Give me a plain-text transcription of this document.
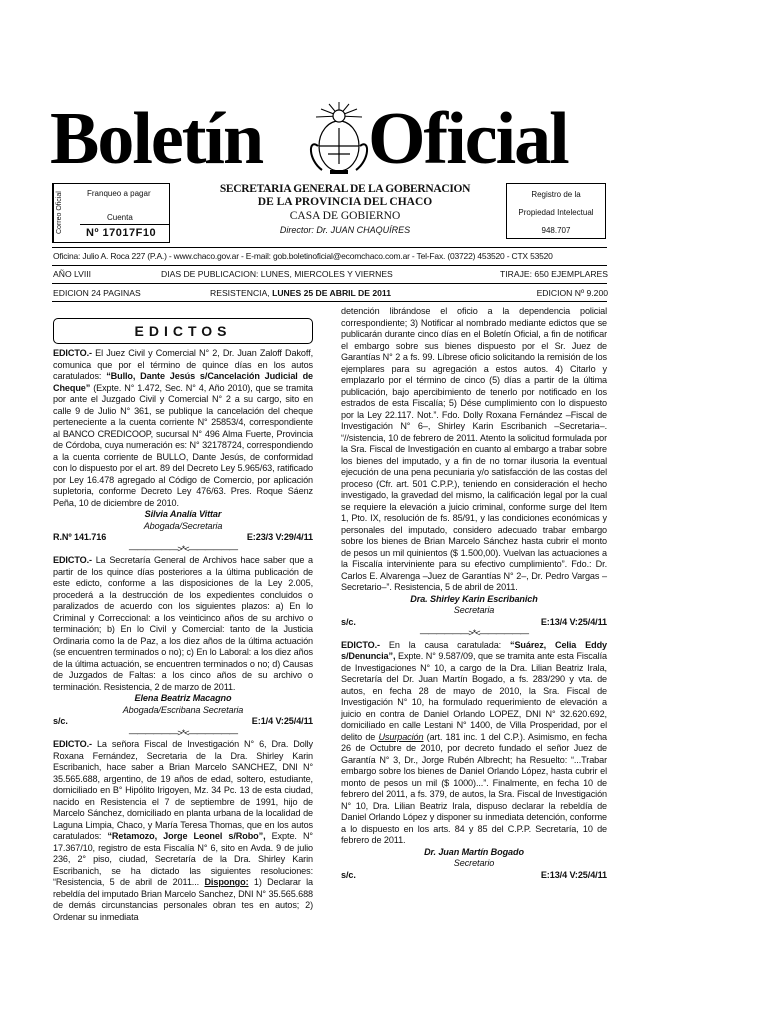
Boletín Oficial
Correo Oficial	Franqueo a pagar
Cuenta
Nº 17017F10
SECRETARIA GENERAL DE LA GOBERNACION
DE LA PROVINCIA DEL CHACO
CASA DE GOBIERNO
Director: Dr. JUAN CHAQUÍRES
Registro de la
Propiedad Intelectual
948.707
Oficina: Julio A. Roca 227 (P.A.) - www.chaco.gov.ar - E-mail: gob.boletinoficial@ecomchaco.com.ar - Tel-Fax. (03722) 453520 - CTX 53520
AÑO LVIII	DIAS DE PUBLICACION: LUNES, MIERCOLES Y VIERNES	TIRAJE: 650 EJEMPLARES
EDICION 24 PAGINAS	RESISTENCIA, LUNES 25 DE ABRIL DE 2011	EDICION Nº 9.200
EDICTOS

EDICTO.- El Juez Civil y Comercial N° 2, Dr. Juan Zaloff Dakoff, comunica que por el término de quince días en los autos caratulados: “Bullo, Dante Jesús s/Cancelación Judicial de Cheque” (Expte. N° 1.472, Sec. N° 4, Año 2010), que se tramita por ante el Juzgado Civil y Comercial N° 2 a su cargo, sito en calle 9 de Julio N° 361, se publique la cancelación del cheque perteneciente a la cuenta corriente N° 25853/4, correspondiente al BANCO CREDICOOP, sucursal N° 496 Alma Fuerte, Provincia de Córdoba, cuya numeración es: N° 32178724, correspondiendo a la cuenta corriente de BULLO, Dante Jesús, de conformidad con lo dispuesto por el art. 89 del Decreto Ley 5.965/63, ratificado por Ley 16.478 agregado al Código de Comercio, por aplicación supletoria, conforme Decreto Ley 476/63. Pres. Roque Sáenz Peña, 10 de diciembre de 2010.

Silvia Analía Vittar
Abogada/Secretaria
R.Nº 141.716	E:23/3 V:29/4/11
——————>*<——————

EDICTO.- La Secretaría General de Archivos hace saber que a partir de los quince días posteriores a la última publicación de este edicto, conforme a las disposiciones de la Ley 2.005, procederá a la destrucción de los expedientes concluidos o paralizados de acuerdo con los siguientes plazos: a) En lo Criminal y Correccional: a los veinticinco años de su archivo o terminación; b) En lo Civil y Comercial: tanto de la Justicia Ordinaria como la de Paz, a los diez años de la última actuación (se encuentren terminados o no); c) En lo Laboral: a los diez años de la última actuación, se encuentren terminados o no; d) Causas de Juzgados de Faltas: a los cinco años de su archivo o terminación. Resistencia, 2 de marzo de 2011.

Elena Beatriz Macagno
Abogada/Escribana Secretaria
s/c.	E:1/4 V:25/4/11
——————>*<——————

EDICTO.- La señora Fiscal de Investigación N° 6, Dra. Dolly Roxana Fernández, Secretaria de la Dra. Shirley Karin Escribanich, hace saber a Brian Marcelo SANCHEZ, DNI N° 35.565.688, argentino, de 19 años de edad, soltero, estudiante, domiciliado en B° Hipólito Irigoyen, Mz. 34 Pc. 13 de esta ciudad, nacido en Resistencia el 7 de septiembre de 1991, hijo de Marcelo Sánchez, domiciliado en planta urbana de la localidad de Laguna Limpia, Chaco, y María Teresa Thomas, que en los autos caratulados: “Retamozo, Jorge Leonel s/Robo”, Expte. N° 17.367/10, registro de esta Fiscalía N° 6, sito en Avda. 9 de julio 236, 2° piso, ciudad, Secretaría de la Dra. Shirley Karin Escribanich, se ha dictado las siguientes resoluciones: “Resistencia, 5 de abril de 2011... Dispongo: 1) Declarar la rebeldía del imputado Brian Marcelo Sanchez, DNI N° 35.565.688 de demás circunstancias personales obran tes en autos; 2) Ordenar su inmediata

detención librándose el oficio a la dependencia policial correspondiente; 3) Notificar al nombrado mediante edictos que se publicarán durante cinco días en el Boletín Oficial, a fin de notificar el embargo sobre sus bienes dispuesto por el Sr. Juez de Garantías N° 2 a fs. 99. Líbrese oficio solicitando la remisión de los ejemplares para su agregación a estos autos. 4) Citarlo y emplazarlo por el término de cinco (5) días a partir de la última publicación, bajo apercibimiento de tenerlo por notificado en los estrados de esta Fiscalía; 5) Dése cumplimiento con lo dispuesto por la Ley 22.117. Not.”. Fdo. Dolly Roxana Fernández –Fiscal de Investigación N° 6–, Shirley Karin Escribanich –Secretaria–. “//sistencia, 10 de febrero de 2011. Atento la solicitud formulada por la Sra. Fiscal de Investigación en cuanto al embargo a trabar sobre los bienes del imputado, y a fin de no tornar ilusoria la eventual ejecución de una pena pecuniaria y/o satisfacción de las costas del proceso (Cfr. art. 501 C.P.P.), teniendo en consideración el hecho investigado, la gravedad del mismo, la calificación legal por la cual se requiere la elevación a juicio criminal, conforme surge del Item 1, Pto. IX, resolución de fs. 85/91, y las condiciones económicas y personales del imputado, considero adecuado trabar embargo sobre los bienes de Brian Marcelo Sánchez hasta cubrir el monto de pesos un mil quinientos ($ 1.500,00). Vuelvan las actuaciones a la Fiscalía interviniente para su efectivo cumplimiento”. Fdo.: Dr. Carlos E. Alvarenga –Juez de Garantías N° 2–, Dr. Pedro Vargas –Secretario–”. Resistencia, 5 de abril de 2011.

Dra. Shirley Karin Escribanich
Secretaria
s/c.	E:13/4 V:25/4/11
——————>*<——————

EDICTO.- En la causa caratulada: “Suárez, Celia Eddy s/Denuncia”, Expte. N° 9.587/09, que se tramita ante esta Fiscalía de Investigaciones N° 10, a cargo de la Dra. Lilian Beatriz Irala, Secretaría del Dr. Juan Martín Bogado, a fs. 283/290 y vta. de autos, en fecha 28 de mayo de 2010, la Sra. Fiscal de Investigación N° 10, ha formulado requerimiento de elevación a juicio en contra de Daniel Orlando LOPEZ, DNI N° 32.620.692, domiciliado en calle Lestani N° 1400, de Villa Prosperidad, por el delito de Usurpación (art. 181 inc. 1 del C.P.). Asimismo, en fecha 26 de Octubre de 2010, por decreto fundado el señor Juez de Garantía N° 3, Dr., Jorge Rubén Albrecht; ha Resuelto: “...Trabar embargo sobre los bienes de Daniel Orlando López, hasta cubrir el monto de pesos un mil ($ 1000)...”. Finalmente, en fecha 10 de febrero del 2011, a fs. 379, de autos, la Sra. Fiscal de Investigación N° 10, Dra. Lilian Beatriz Irala, dispuso declarar la rebeldía de Daniel Orlando López y disponer su inmediata detención, conforme a lo dispuesto en los arts. 84 y 85 del C.P.P. Secretaría, 10 de febrero de 2011.

Dr. Juan Martín Bogado
Secretario
s/c.	E:13/4 V:25/4/11
